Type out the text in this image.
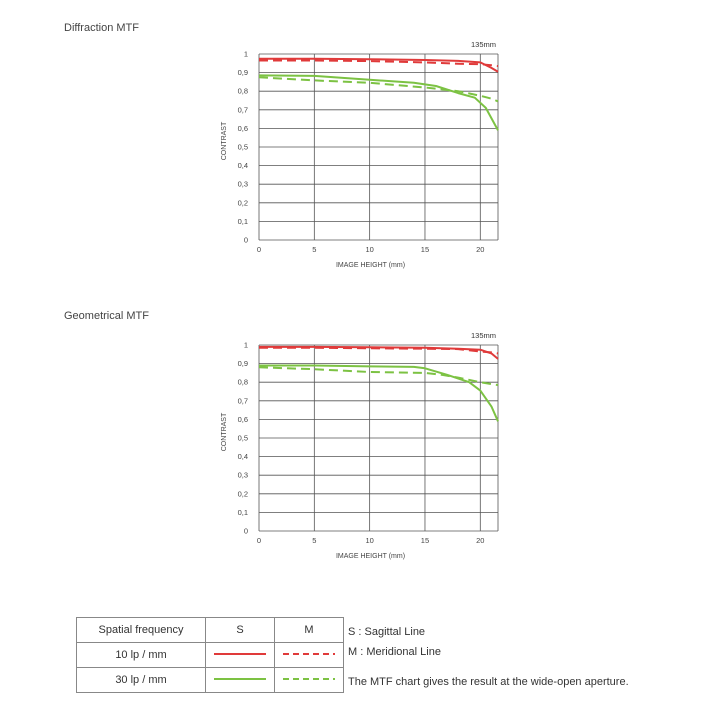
Diffraction MTF
0
0,1
0,2
0,3
0,4
0,5
0,6
0,7
0,8
0,9
1
0	5	10	15	20
IMAGE HEIGHT (mm)
CONTRAST
135mm
Geometrical MTF
0
0,1
0,2
0,3
0,4
0,5
0,6
0,7
0,8
0,9
1
0	5	10	15	20
IMAGE HEIGHT (mm)
CONTRAST
135mm
Spatial frequency	S	M
10 lp / mm		
30 lp / mm		
S : Sagittal Line
M : Meridional Line
The MTF chart gives the result at the wide-open aperture.
